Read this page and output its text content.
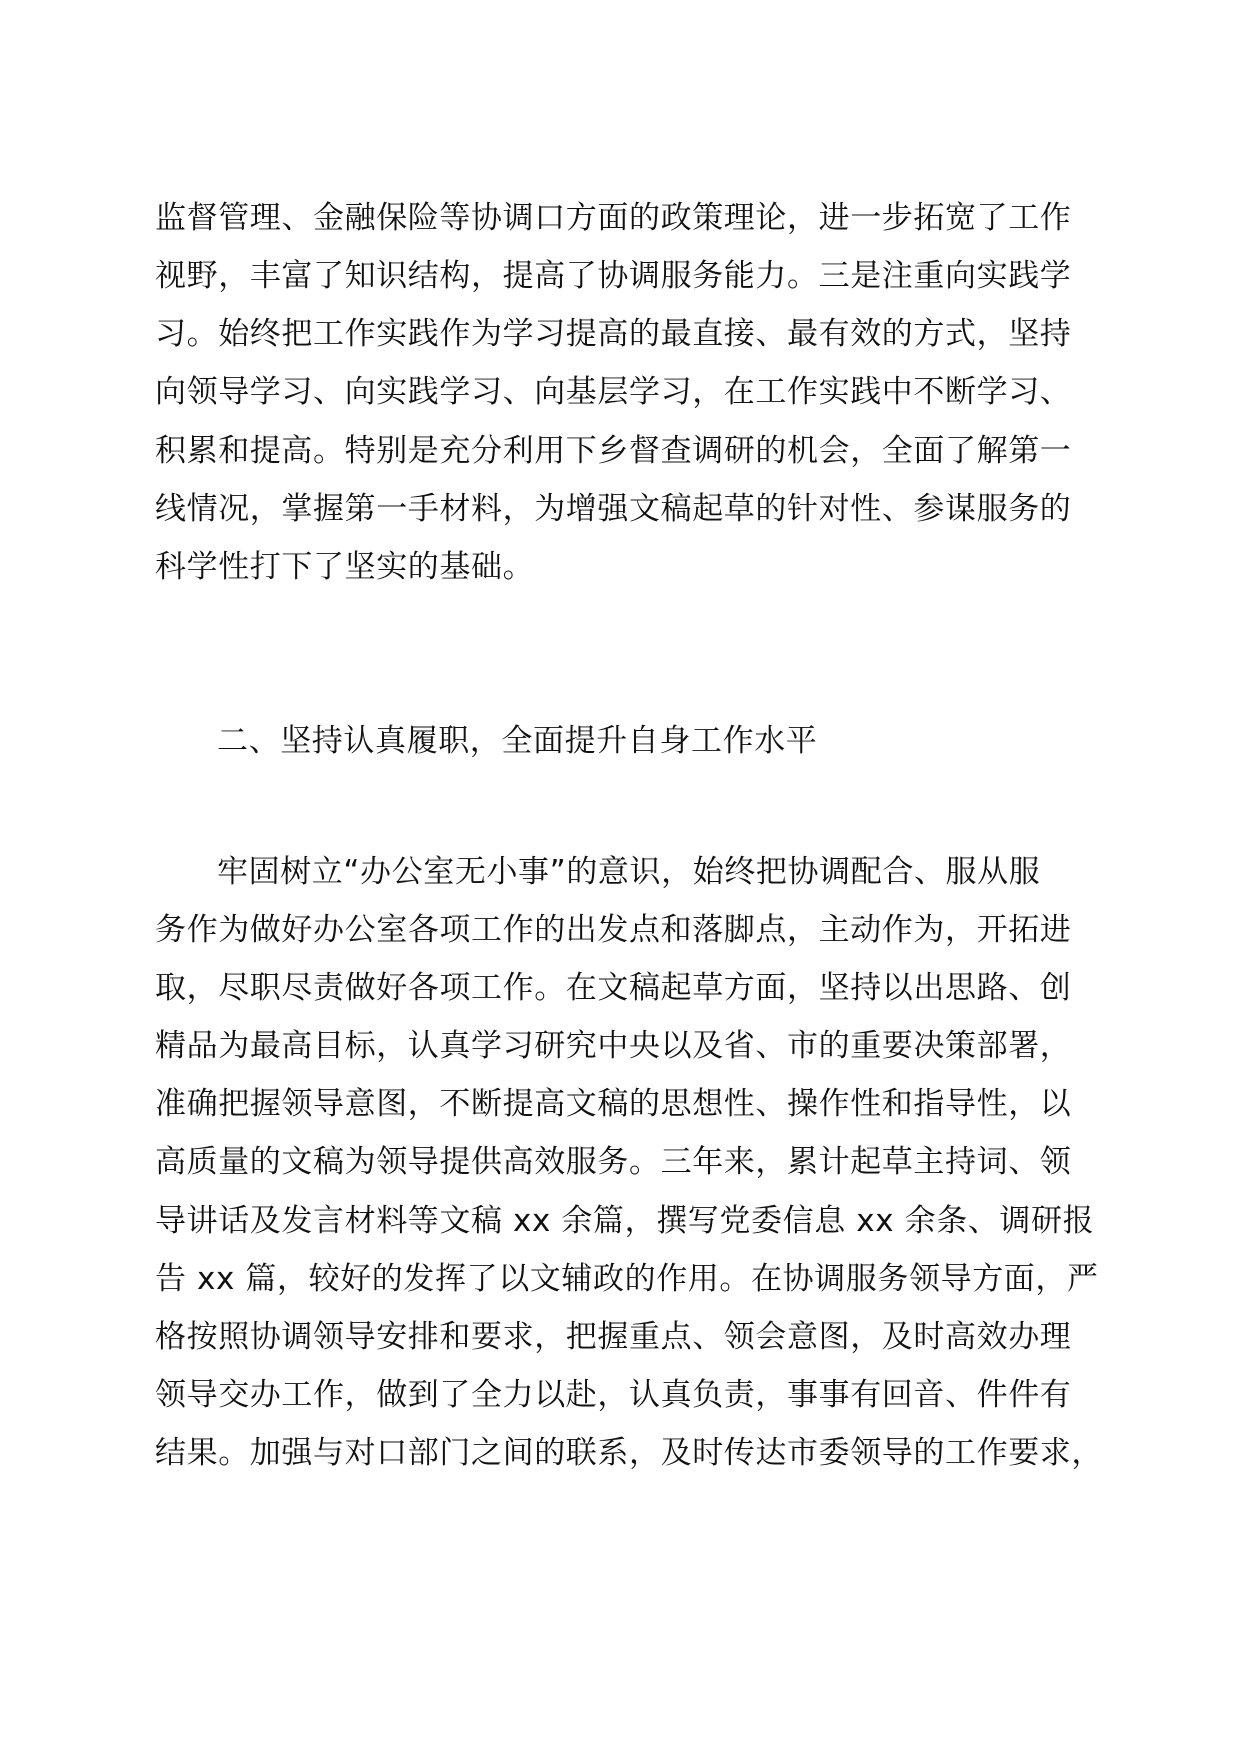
监督管理、金融保险等协调口方面的政策理论，进一步拓宽了工作
视野，丰富了知识结构，提高了协调服务能力。三是注重向实践学
习。始终把工作实践作为学习提高的最直接、最有效的方式，坚持
向领导学习、向实践学习、向基层学习，在工作实践中不断学习、
积累和提高。特别是充分利用下乡督查调研的机会，全面了解第一
线情况，掌握第一手材料，为增强文稿起草的针对性、参谋服务的
科学性打下了坚实的基础。
二、坚持认真履职，全面提升自身工作水平
牢固树立“办公室无小事”的意识，始终把协调配合、服从服
务作为做好办公室各项工作的出发点和落脚点，主动作为，开拓进
取，尽职尽责做好各项工作。在文稿起草方面，坚持以出思路、创
精品为最高目标，认真学习研究中央以及省、市的重要决策部署，
准确把握领导意图，不断提高文稿的思想性、操作性和指导性，以
高质量的文稿为领导提供高效服务。三年来，累计起草主持词、领
导讲话及发言材料等文稿 xx 余篇，撰写党委信息 xx 余条、调研报
告 xx 篇，较好的发挥了以文辅政的作用。在协调服务领导方面，严
格按照协调领导安排和要求，把握重点、领会意图，及时高效办理
领导交办工作，做到了全力以赴，认真负责，事事有回音、件件有
结果。加强与对口部门之间的联系，及时传达市委领导的工作要求，
